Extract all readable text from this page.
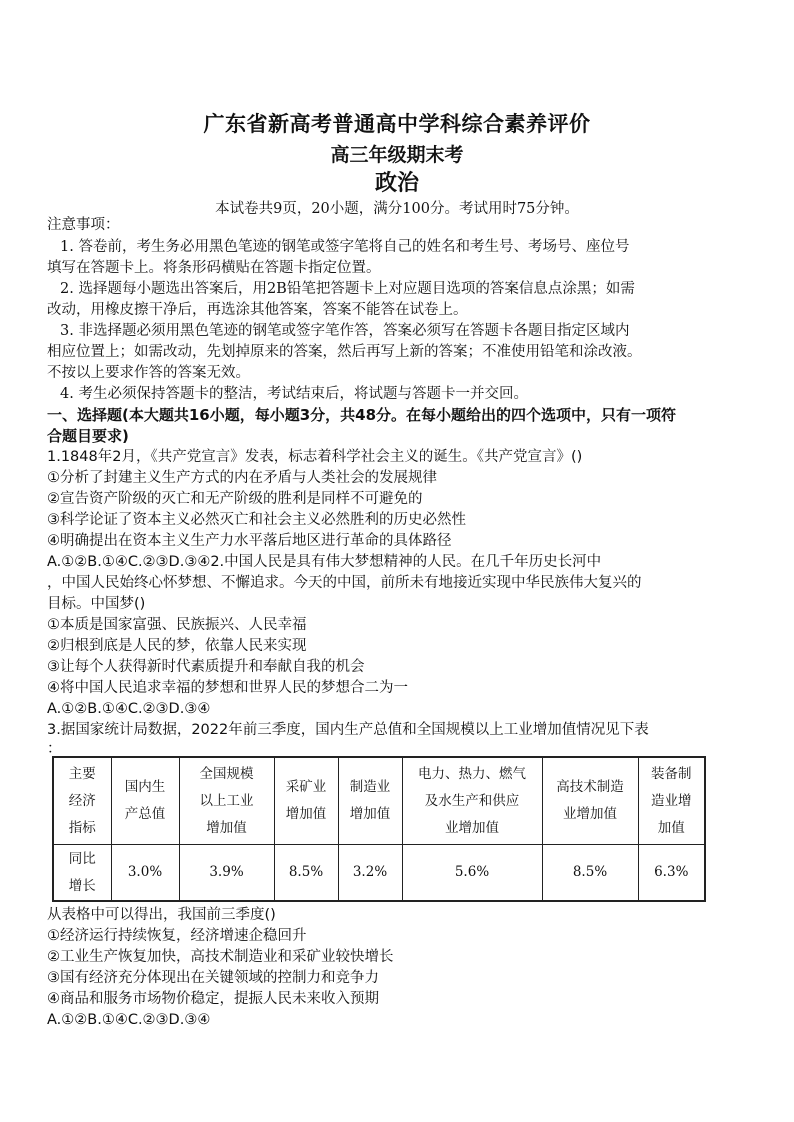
广东省新高考普通高中学科综合素养评价
高三年级期末考
政治
本试卷共9页，20小题，满分100分。考试用时75分钟。
注意事项：
1. 答卷前，考生务必用黑色笔迹的钢笔或签字笔将自己的姓名和考生号、考场号、座位号
填写在答题卡上。将条形码横贴在答题卡指定位置。
2. 选择题每小题选出答案后，用2B铅笔把答题卡上对应题目选项的答案信息点涂黑；如需
改动，用橡皮擦干净后，再选涂其他答案，答案不能答在试卷上。
3. 非选择题必须用黑色笔迹的钢笔或签字笔作答，答案必须写在答题卡各题目指定区域内
相应位置上；如需改动，先划掉原来的答案，然后再写上新的答案；不准使用铅笔和涂改液。
不按以上要求作答的答案无效。
4. 考生必须保持答题卡的整洁，考试结束后，将试题与答题卡一并交回。
一、选择题(本大题共16小题，每小题3分，共48分。在每小题给出的四个选项中，只有一项符
合题目要求)
1.1848年2月，《共产党宣言》发表，标志着科学社会主义的诞生。《共产党宣言》()
①分析了封建主义生产方式的内在矛盾与人类社会的发展规律
②宣告资产阶级的灭亡和无产阶级的胜利是同样不可避免的
③科学论证了资本主义必然灭亡和社会主义必然胜利的历史必然性
④明确提出在资本主义生产力水平落后地区进行革命的具体路径
A.①②B.①④C.②③D.③④2.中国人民是具有伟大梦想精神的人民。在几千年历史长河中
，中国人民始终心怀梦想、不懈追求。今天的中国，前所未有地接近实现中华民族伟大复兴的
目标。中国梦()
①本质是国家富强、民族振兴、人民幸福
②归根到底是人民的梦，依靠人民来实现
③让每个人获得新时代素质提升和奉献自我的机会
④将中国人民追求幸福的梦想和世界人民的梦想合二为一
A.①②B.①④C.②③D.③④
3.据国家统计局数据，2022年前三季度，国内生产总值和全国规模以上工业增加值情况见下表
：
主要
经济
指标	国内生
产总值	全国规模
以上工业
增加值	采矿业
增加值	制造业
增加值	电力、热力、燃气
及水生产和供应
业增加值	高技术制造
业增加值	装备制
造业增
加值
同比
增长	3.0%	3.9%	8.5%	3.2%	5.6%	8.5%	6.3%
从表格中可以得出，我国前三季度()
①经济运行持续恢复，经济增速企稳回升
②工业生产恢复加快，高技术制造业和采矿业较快增长
③国有经济充分体现出在关键领域的控制力和竞争力
④商品和服务市场物价稳定，提振人民未来收入预期
A.①②B.①④C.②③D.③④
